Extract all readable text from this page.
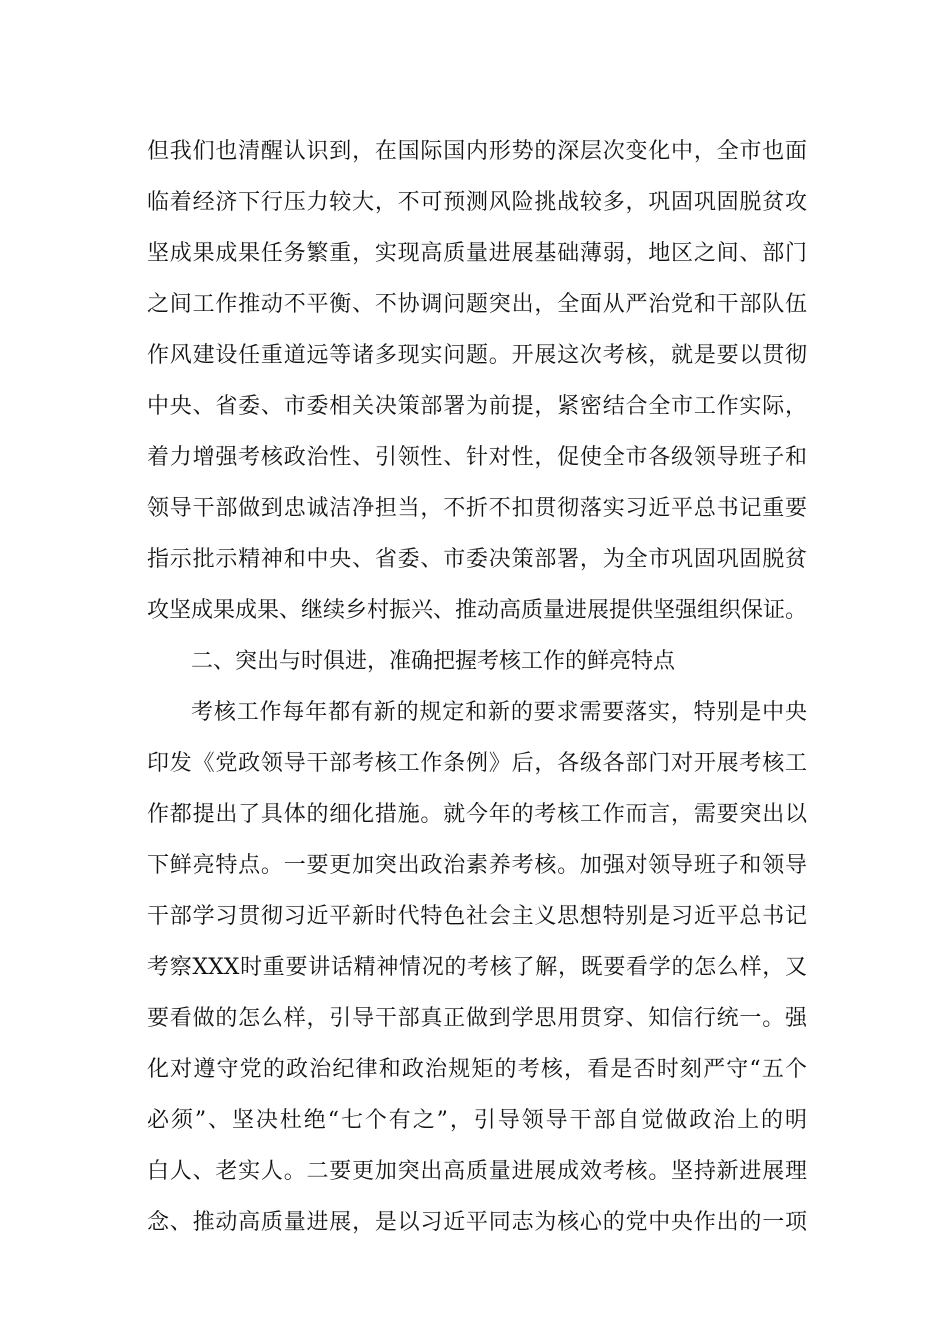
但我们也清醒认识到，在国际国内形势的深层次变化中，全市也面
临着经济下行压力较大，不可预测风险挑战较多，巩固巩固脱贫攻
坚成果成果任务繁重，实现高质量进展基础薄弱，地区之间、部门
之间工作推动不平衡、不协调问题突出，全面从严治党和干部队伍
作风建设任重道远等诸多现实问题。开展这次考核，就是要以贯彻
中央、省委、市委相关决策部署为前提，紧密结合全市工作实际，
着力增强考核政治性、引领性、针对性，促使全市各级领导班子和
领导干部做到忠诚洁净担当，不折不扣贯彻落实习近平总书记重要
指示批示精神和中央、省委、市委决策部署，为全市巩固巩固脱贫
攻坚成果成果、继续乡村振兴、推动高质量进展提供坚强组织保证。
二、突出与时俱进，准确把握考核工作的鲜亮特点
考核工作每年都有新的规定和新的要求需要落实，特别是中央
印发《党政领导干部考核工作条例》后，各级各部门对开展考核工
作都提出了具体的细化措施。就今年的考核工作而言，需要突出以
下鲜亮特点。一要更加突出政治素养考核。加强对领导班子和领导
干部学习贯彻习近平新时代特色社会主义思想特别是习近平总书记
考察XXX时重要讲话精神情况的考核了解，既要看学的怎么样，又
要看做的怎么样，引导干部真正做到学思用贯穿、知信行统一。强
化对遵守党的政治纪律和政治规矩的考核，看是否时刻严守“五个
必须”、坚决杜绝“七个有之”，引导领导干部自觉做政治上的明
白人、老实人。二要更加突出高质量进展成效考核。坚持新进展理
念、推动高质量进展，是以习近平同志为核心的党中央作出的一项
